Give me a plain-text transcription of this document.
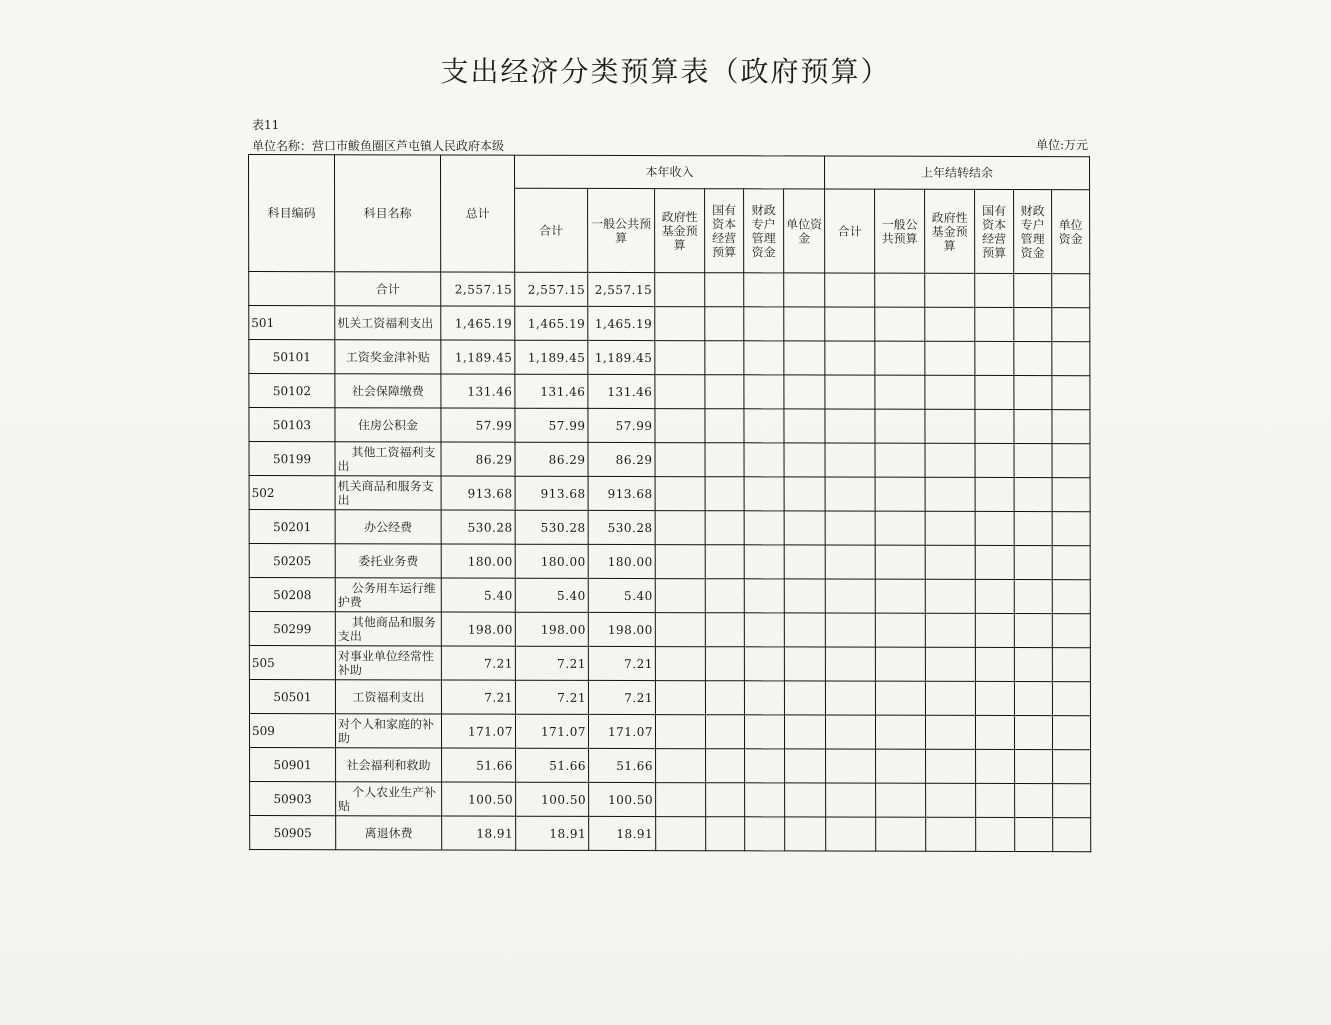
支出经济分类预算表（政府预算）
表11
单位名称：营口市鲅鱼圈区芦屯镇人民政府本级	单位:万元
科目编码	科目名称	总计	本年收入						上年结转结余					
			合计	一般公共预算	政府性基金预算	国有资本经营预算	财政专户管理资金	单位资金	合计	一般公共预算	政府性基金预算	国有资本经营预算	财政专户管理资金	单位资金
	合计	2,557.15	2,557.15	2,557.15										
501	机关工资福利支出	1,465.19	1,465.19	1,465.19										
50101	工资奖金津补贴	1,189.45	1,189.45	1,189.45										
50102	社会保障缴费	131.46	131.46	131.46										
50103	住房公积金	57.99	57.99	57.99										
50199	其他工资福利支出	86.29	86.29	86.29										
502	机关商品和服务支出	913.68	913.68	913.68										
50201	办公经费	530.28	530.28	530.28										
50205	委托业务费	180.00	180.00	180.00										
50208	公务用车运行维护费	5.40	5.40	5.40										
50299	其他商品和服务支出	198.00	198.00	198.00										
505	对事业单位经常性补助	7.21	7.21	7.21										
50501	工资福利支出	7.21	7.21	7.21										
509	对个人和家庭的补助	171.07	171.07	171.07										
50901	社会福利和救助	51.66	51.66	51.66										
50903	个人农业生产补贴	100.50	100.50	100.50										
50905	离退休费	18.91	18.91	18.91										
